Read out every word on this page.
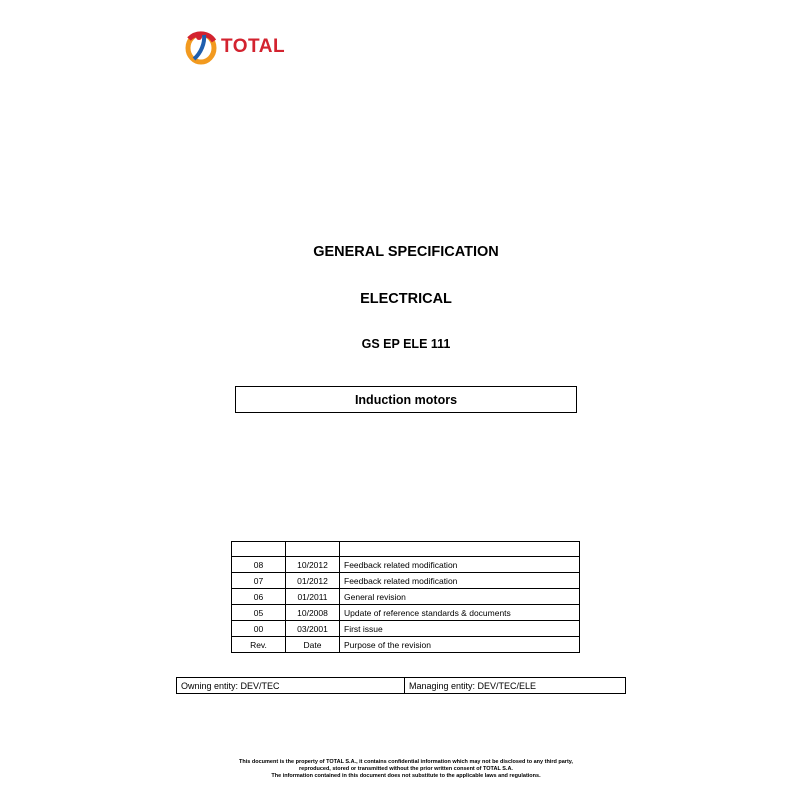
TOTAL
GENERAL SPECIFICATION
ELECTRICAL
GS EP ELE 111
Induction motors

08	10/2012	Feedback related modification
07	01/2012	Feedback related modification
06	01/2011	General revision
05	10/2008	Update of reference standards & documents
00	03/2001	First issue
Rev.	Date	Purpose of the revision
Owning entity: DEV/TEC	Managing entity: DEV/TEC/ELE
This document is the property of TOTAL S.A., it contains confidential information which may not be disclosed to any third party,
reproduced, stored or transmitted without the prior written consent of TOTAL S.A.
The information contained in this document does not substitute to the applicable laws and regulations.
